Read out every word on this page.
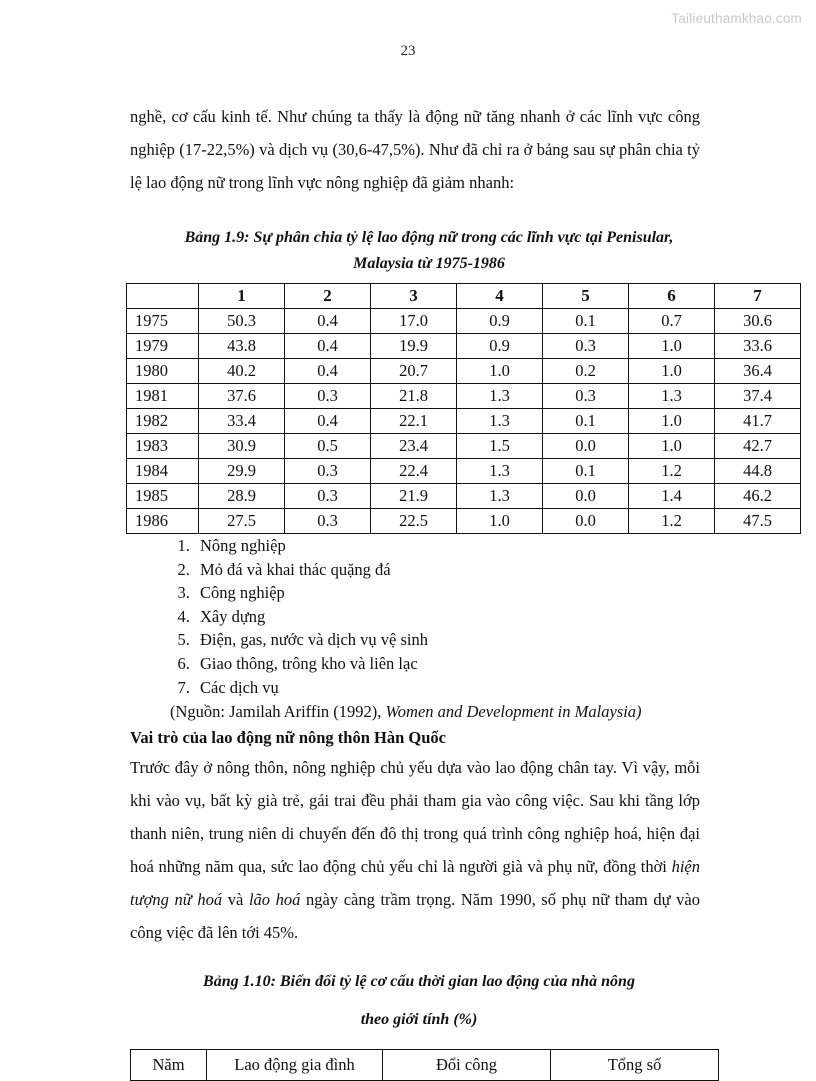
Tailieuthamkhao.com
23

nghề, cơ cấu kinh tế. Như chúng ta thấy là động nữ tăng nhanh ở các lĩnh vực công nghiệp (17-22,5%) và dịch vụ (30,6-47,5%). Như đã chỉ ra ở bảng sau sự phân chia tỷ lệ lao động nữ trong lĩnh vực nông nghiệp đã giảm nhanh:

Bảng 1.9: Sự phân chia tỷ lệ lao động nữ trong các lĩnh vực tại Penisular,
Malaysia từ 1975-1986
	1	2	3	4	5	6	7
1975	50.3	0.4	17.0	0.9	0.1	0.7	30.6
1979	43.8	0.4	19.9	0.9	0.3	1.0	33.6
1980	40.2	0.4	20.7	1.0	0.2	1.0	36.4
1981	37.6	0.3	21.8	1.3	0.3	1.3	37.4
1982	33.4	0.4	22.1	1.3	0.1	1.0	41.7
1983	30.9	0.5	23.4	1.5	0.0	1.0	42.7
1984	29.9	0.3	22.4	1.3	0.1	1.2	44.8
1985	28.9	0.3	21.9	1.3	0.0	1.4	46.2
1986	27.5	0.3	22.5	1.0	0.0	1.2	47.5
1. Nông nghiệp
2. Mỏ đá và khai thác quặng đá
3. Công nghiệp
4. Xây dựng
5. Điện, gas, nước và dịch vụ vệ sinh
6. Giao thông, trông kho và liên lạc
7. Các dịch vụ

(Nguồn: Jamilah Ariffin (1992), Women and Development in Malaysia)

Vai trò của lao động nữ nông thôn Hàn Quốc

Trước đây ở nông thôn, nông nghiệp chủ yếu dựa vào lao động chân tay. Vì vậy, mỗi khi vào vụ, bất kỳ già trẻ, gái trai đều phải tham gia vào công việc. Sau khi tầng lớp thanh niên, trung niên di chuyển đến đô thị trong quá trình công nghiệp hoá, hiện đại hoá những năm qua, sức lao động chủ yếu chỉ là người già và phụ nữ, đồng thời hiện tượng nữ hoá và lão hoá ngày càng trầm trọng. Năm 1990, số phụ nữ tham dự vào công việc đã lên tới 45%.

Bảng 1.10: Biến đổi tỷ lệ cơ cấu thời gian lao động của nhà nông
theo giới tính (%)
Năm	Lao động gia đình	Đổi công	Tổng số
